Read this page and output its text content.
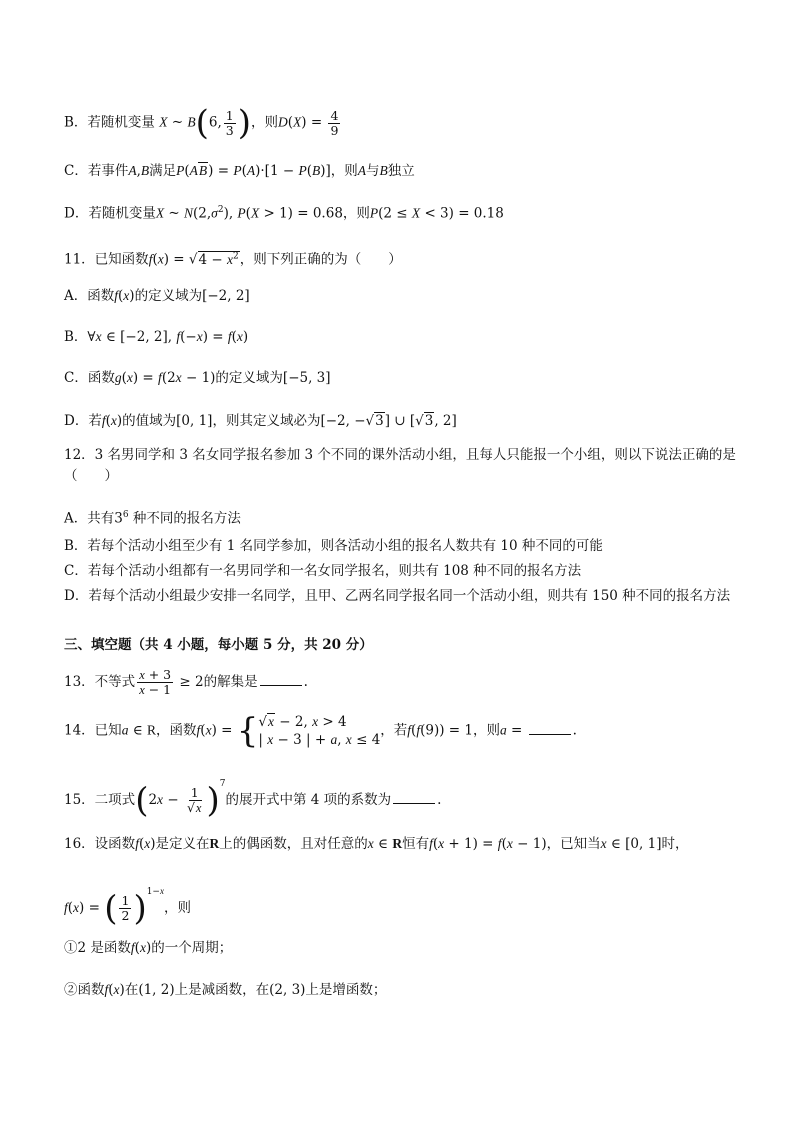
B．若随机变量 X ~ B(6, $\frac{1}{3}$ )，则$D(X) = \frac{4}{9}$
C．若事件A,B满足P(AB) = P(A)·[1 − P(B)]，则A与B独立
D．若随机变量X ~ $N(2,\sigma^2)$, P(X > 1) = 0.68，则P(2 ≤ X < 3) = 0.18
11．已知函数$f(x) = √4 - x^2$，则下列正确的为（　　）
A．函数f(x)的定义域为[−2, 2]
B．∀x ∈ [−2, 2], f(−x) = f(x)
C．函数g(x) = f(2x − 1)的定义域为[−5, 3]
D．若f(x)的值域为[0, 1]，则其定义域必为[−2, −√3] ∪ [√3, 2]
12．3 名男同学和 3 名女同学报名参加 3 个不同的课外活动小组，且每人只能报一个小组，则以下说法正确的是（　　）
A．共有$3^6$ 种不同的报名方法
B．若每个活动小组至少有 1 名同学参加，则各活动小组的报名人数共有 10 种不同的可能
C．若每个活动小组都有一名男同学和一名女同学报名，则共有 108 种不同的报名方法
D．若每个活动小组最少安排一名同学，且甲、乙两名同学报名同一个活动小组，则共有 150 种不同的报名方法
三、填空题（共 4 小题，每小题 5 分，共 20 分）
13．不等式 $\frac{x + 3}{x - 1} \ge 2$的解集是	.
14．已知a ∈ R，函数f(x) = { √x − 2, x > 4
| x − 3 | + a, x ≤ 4
，若f(f(9)) = 1，则a =	.
15．二项式$(2x - \frac{1}{√x} )^7$的展开式中第 4 项的系数为	.
16．设函数f(x)是定义在R上的偶函数，且对任意的x ∈ R恒有f(x + 1) = f(x − 1)，已知当x ∈ [0, 1]时，
f(x) = ( $\frac{1}{2} )^{1-x}$，则
①2 是函数f(x)的一个周期；
②函数f(x)在(1, 2)上是减函数，在(2, 3)上是增函数；
